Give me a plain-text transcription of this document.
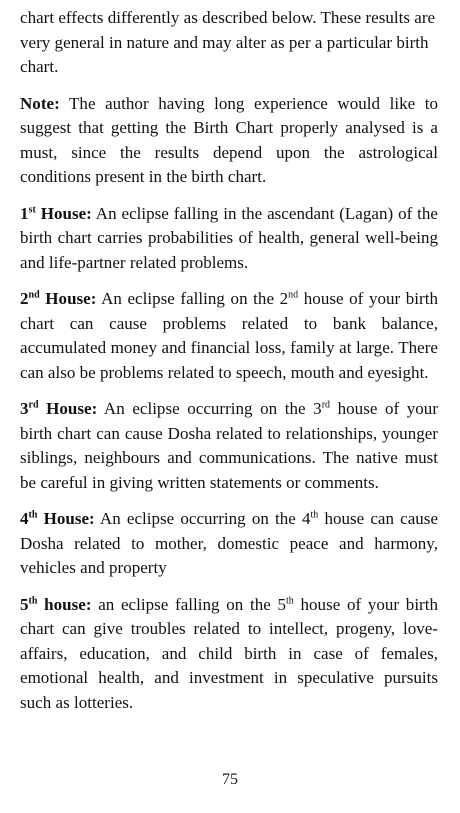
chart effects differently as described below. These results are very general in nature and may alter as per a particular birth chart.

Note: The author having long experience would like to suggest that getting the Birth Chart properly analysed is a must, since the results depend upon the astrological conditions present in the birth chart.

1st House: An eclipse falling in the ascendant (Lagan) of the birth chart carries probabilities of health, general well-being and life-partner related problems.

2nd House: An eclipse falling on the 2nd house of your birth chart can cause problems related to bank balance, accumulated money and financial loss, family at large. There can also be problems related to speech, mouth and eyesight.

3rd House: An eclipse occurring on the 3rd house of your birth chart can cause Dosha related to relationships, younger siblings, neighbours and communications. The native must be careful in giving written statements or comments.

4th House: An eclipse occurring on the 4th house can cause Dosha related to mother, domestic peace and harmony, vehicles and property

5th house: an eclipse falling on the 5th house of your birth chart can give troubles related to intellect, progeny, love-affairs, education, and child birth in case of females, emotional health, and investment in speculative pursuits such as lotteries.

75
